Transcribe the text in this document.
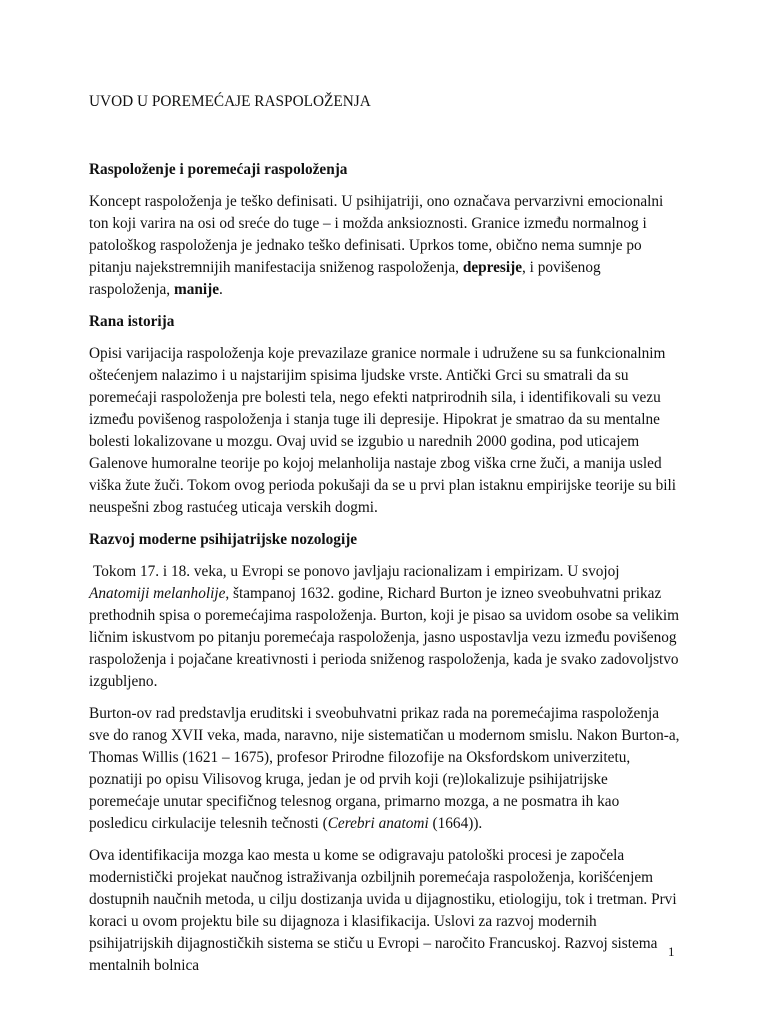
UVOD U POREMEĆAJE RASPOLOŽENJA
Raspoloženje i poremećaji raspoloženja

Koncept raspoloženja je teško definisati. U psihijatriji, ono označava pervarzivni emocionalni ton koji varira na osi od sreće do tuge – i možda anksioznosti. Granice između normalnog i patološkog raspoloženja je jednako teško definisati. Uprkos tome, obično nema sumnje po pitanju najekstremnijih manifestacija sniženog raspoloženja, depresije, i povišenog raspoloženja, manije.

Rana istorija

Opisi varijacija raspoloženja koje prevazilaze granice normale i udružene su sa funkcionalnim oštećenjem nalazimo i u najstarijim spisima ljudske vrste. Antički Grci su smatrali da su poremećaji raspoloženja pre bolesti tela, nego efekti natprirodnih sila, i identifikovali su vezu između povišenog raspoloženja i stanja tuge ili depresije. Hipokrat je smatrao da su mentalne bolesti lokalizovane u mozgu. Ovaj uvid se izgubio u narednih 2000 godina, pod uticajem Galenove humoralne teorije po kojoj melanholija nastaje zbog viška crne žuči, a manija usled viška žute žuči. Tokom ovog perioda pokušaji da se u prvi plan istaknu empirijske teorije su bili neuspešni zbog rastućeg uticaja verskih dogmi.

Razvoj moderne psihijatrijske nozologije

Tokom 17. i 18. veka, u Evropi se ponovo javljaju racionalizam i empirizam. U svojoj Anatomiji melanholije, štampanoj 1632. godine, Richard Burton je izneo sveobuhvatni prikaz prethodnih spisa o poremećajima raspoloženja. Burton, koji je pisao sa uvidom osobe sa velikim ličnim iskustvom po pitanju poremećaja raspoloženja, jasno uspostavlja vezu između povišenog raspoloženja i pojačane kreativnosti i perioda sniženog raspoloženja, kada je svako zadovoljstvo izgubljeno.

Burton-ov rad predstavlja eruditski i sveobuhvatni prikaz rada na poremećajima raspoloženja sve do ranog XVII veka, mada, naravno, nije sistematičan u modernom smislu. Nakon Burton-a, Thomas Willis (1621 – 1675), profesor Prirodne filozofije na Oksfordskom univerzitetu, poznatiji po opisu Vilisovog kruga, jedan je od prvih koji (re)lokalizuje psihijatrijske poremećaje unutar specifičnog telesnog organa, primarno mozga, a ne posmatra ih kao posledicu cirkulacije telesnih tečnosti (Cerebri anatomi (1664)).

Ova identifikacija mozga kao mesta u kome se odigravaju patološki procesi je započela modernistički projekat naučnog istraživanja ozbiljnih poremećaja raspoloženja, korišćenjem dostupnih naučnih metoda, u cilju dostizanja uvida u dijagnostiku, etiologiju, tok i tretman. Prvi koraci u ovom projektu bile su dijagnoza i klasifikacija. Uslovi za razvoj modernih psihijatrijskih dijagnostičkih sistema se stiču u Evropi – naročito Francuskoj. Razvoj sistema mentalnih bolnica

1
